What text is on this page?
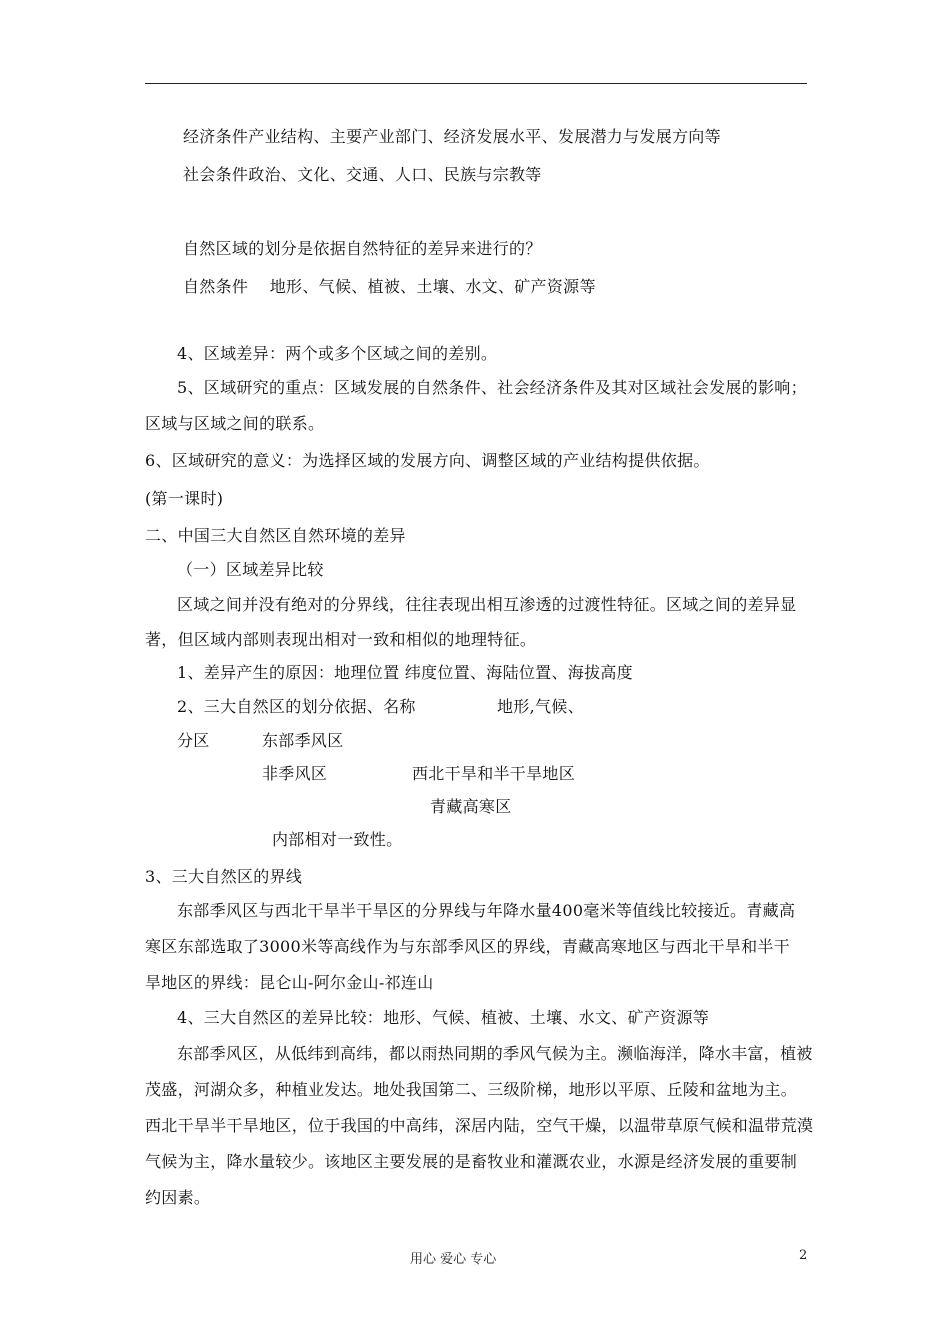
经济条件产业结构、主要产业部门、经济发展水平、发展潜力与发展方向等
社会条件政治、文化、交通、人口、民族与宗教等
自然区域的划分是依据自然特征的差异来进行的？
自然条件    地形、气候、植被、土壤、水文、矿产资源等
4、区域差异：两个或多个区域之间的差别。
5、区域研究的重点：区域发展的自然条件、社会经济条件及其对区域社会发展的影响；
区域与区域之间的联系。
6、区域研究的意义：为选择区域的发展方向、调整区域的产业结构提供依据。
(第一课时)
二、中国三大自然区自然环境的差异
（一）区域差异比较
区域之间并没有绝对的分界线，往往表现出相互渗透的过渡性特征。区域之间的差异显
著，但区域内部则表现出相对一致和相似的地理特征。
1、差异产生的原因：地理位置 纬度位置、海陆位置、海拔高度
2、三大自然区的划分依据、名称	地形,气候、
分区	东部季风区
非季风区	西北干旱和半干旱地区
青藏高寒区
内部相对一致性。
3、三大自然区的界线
东部季风区与西北干旱半干旱区的分界线与年降水量400毫米等值线比较接近。青藏高
寒区东部选取了3000米等高线作为与东部季风区的界线，青藏高寒地区与西北干旱和半干
旱地区的界线：昆仑山-阿尔金山-祁连山
4、三大自然区的差异比较：地形、气候、植被、土壤、水文、矿产资源等
东部季风区，从低纬到高纬，都以雨热同期的季风气候为主。濒临海洋，降水丰富，植被
茂盛，河湖众多，种植业发达。地处我国第二、三级阶梯，地形以平原、丘陵和盆地为主。
西北干旱半干旱地区，位于我国的中高纬，深居内陆，空气干燥，以温带草原气候和温带荒漠
气候为主，降水量较少。该地区主要发展的是畜牧业和灌溉农业，水源是经济发展的重要制
约因素。
用心 爱心 专心	2
